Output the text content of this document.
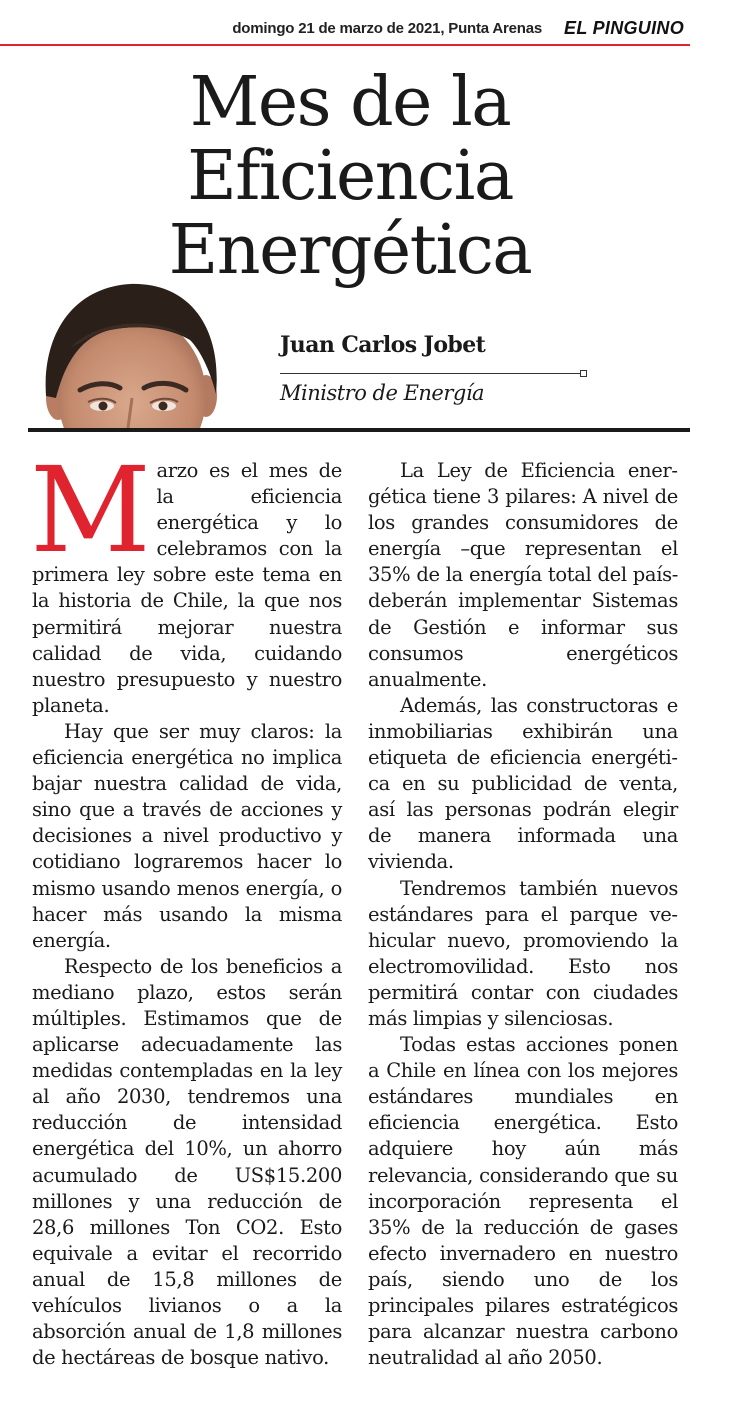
domingo 21 de marzo de 2021, Punta Arenas EL PINGUINO
Mes de la
Eficiencia
Energética
Juan Carlos Jobet
Ministro de Energía

Marzo es el mes de la eficiencia energética y lo celebramos con la primera ley sobre este tema en la historia de Chile, la que nos permitirá mejorar nuestra calidad de vida, cuidando nuestro presupuesto y nuestro planeta.

Hay que ser muy claros: la eficiencia energética no implica bajar nuestra calidad de vida, sino que a través de acciones y decisiones a nivel productivo y cotidiano lograremos hacer lo mismo usando menos energía, o hacer más usando la misma energía.

Respecto de los beneficios a mediano plazo, estos serán múltiples. Estimamos que de aplicarse adecuadamente las medidas contempladas en la ley al año 2030, tendremos una reducción de intensidad energética del 10%, un ahorro acumulado de US$15.200 millones y una reducción de 28,6 millones Ton CO2. Esto equivale a evitar el recorrido anual de 15,8 millones de vehículos livianos o a la absorción anual de 1,8 millones de hectáreas de bosque nativo.

La Ley de Eficiencia energética tiene 3 pilares: A nivel de los grandes consumidores de energía –que representan el 35% de la energía total del país- deberán implementar Sistemas de Gestión e informar sus consumos energéticos anualmente.

Además, las constructoras e inmobiliarias exhibirán una etiqueta de eficiencia energética en su publicidad de venta, así las personas podrán elegir de manera informada una vivienda.

Tendremos también nuevos estándares para el parque vehicular nuevo, promoviendo la electromovilidad. Esto nos permitirá contar con ciudades más limpias y silenciosas.

Todas estas acciones ponen a Chile en línea con los mejores estándares mundiales en eficiencia energética. Esto adquiere hoy aún más relevancia, considerando que su incorporación representa el 35% de la reducción de gases efecto invernadero en nuestro país, siendo uno de los principales pilares estratégicos para alcanzar nuestra carbono neutralidad al año 2050.
